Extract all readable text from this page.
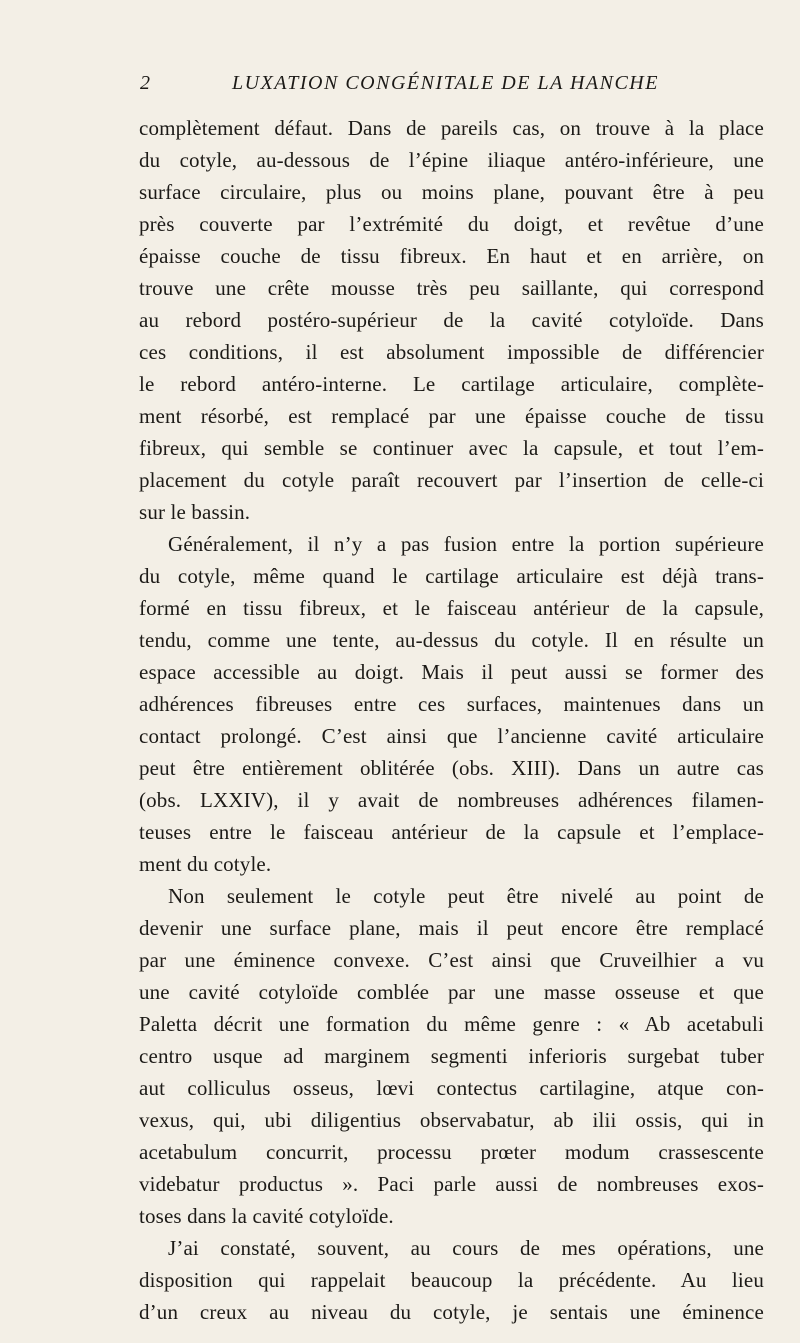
2	LUXATION CONGÉNITALE DE LA HANCHE
complètement défaut. Dans de pareils cas, on trouve à la place
du cotyle, au-dessous de l’épine iliaque antéro-inférieure, une
surface circulaire, plus ou moins plane, pouvant être à peu
près couverte par l’extrémité du doigt, et revêtue d’une
épaisse couche de tissu fibreux. En haut et en arrière, on
trouve une crête mousse très peu saillante, qui correspond
au rebord postéro-supérieur de la cavité cotyloïde. Dans
ces conditions, il est absolument impossible de différencier
le rebord antéro-interne. Le cartilage articulaire, complète-
ment résorbé, est remplacé par une épaisse couche de tissu
fibreux, qui semble se continuer avec la capsule, et tout l’em-
placement du cotyle paraît recouvert par l’insertion de celle-ci
sur le bassin.
Généralement, il n’y a pas fusion entre la portion supérieure
du cotyle, même quand le cartilage articulaire est déjà trans-
formé en tissu fibreux, et le faisceau antérieur de la capsule,
tendu, comme une tente, au-dessus du cotyle. Il en résulte un
espace accessible au doigt. Mais il peut aussi se former des
adhérences fibreuses entre ces surfaces, maintenues dans un
contact prolongé. C’est ainsi que l’ancienne cavité articulaire
peut être entièrement oblitérée (obs. XIII). Dans un autre cas
(obs. LXXIV), il y avait de nombreuses adhérences filamen-
teuses entre le faisceau antérieur de la capsule et l’emplace-
ment du cotyle.
Non seulement le cotyle peut être nivelé au point de
devenir une surface plane, mais il peut encore être remplacé
par une éminence convexe. C’est ainsi que Cruveilhier a vu
une cavité cotyloïde comblée par une masse osseuse et que
Paletta décrit une formation du même genre : « Ab acetabuli
centro usque ad marginem segmenti inferioris surgebat tuber
aut colliculus osseus, lœvi contectus cartilagine, atque con-
vexus, qui, ubi diligentius observabatur, ab ilii ossis, qui in
acetabulum concurrit, processu prœter modum crassescente
videbatur productus ». Paci parle aussi de nombreuses exos-
toses dans la cavité cotyloïde.
J’ai constaté, souvent, au cours de mes opérations, une
disposition qui rappelait beaucoup la précédente. Au lieu
d’un creux au niveau du cotyle, je sentais une éminence
